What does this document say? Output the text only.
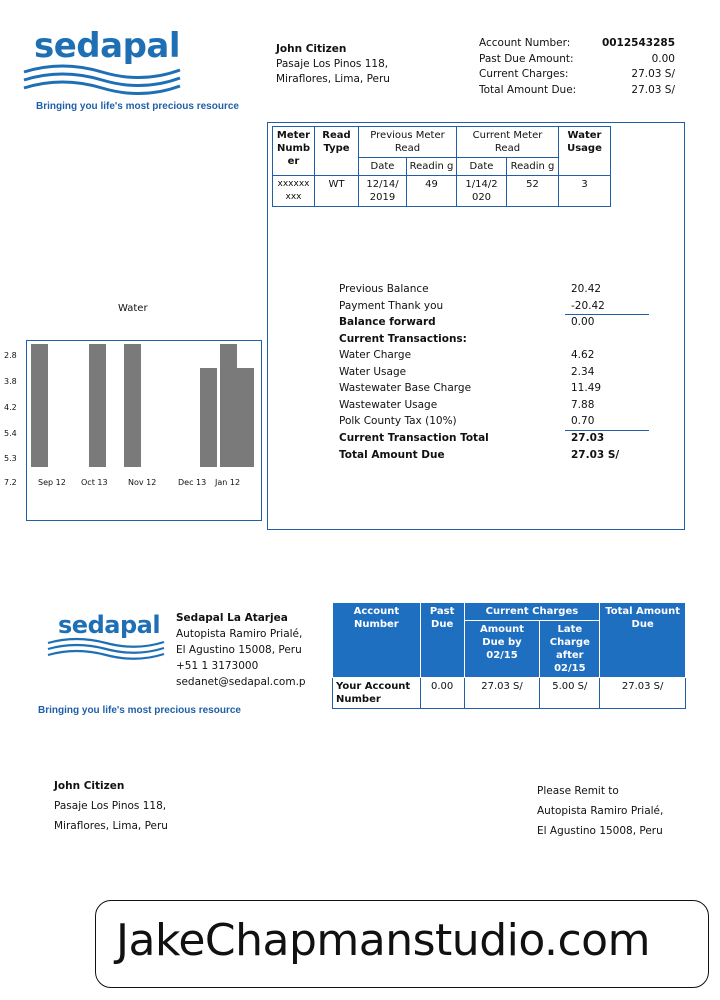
sedapal
Bringing you life's most precious resource
John Citizen
Pasaje Los Pinos 118,
Miraflores, Lima, Peru
Account Number:	0012543285
Past Due Amount:	0.00
Current Charges:	27.03 S/
Total Amount Due:	27.03 S/
Meter Numb er	Read Type	Previous Meter Read		Current Meter Read		Water Usage
		Date	Readin g	Date	Readin g	
xxxxxx xxx	WT	12/14/ 2019	49	1/14/2 020	52	3
Previous Balance	20.42
Payment Thank you	-20.42
Balance forward	0.00
Current Transactions:
Water Charge	4.62
Water Usage	2.34
Wastewater Base Charge	11.49
Wastewater Usage	7.88
Polk County Tax (10%)	0.70
Current Transaction Total	27.03
Total Amount Due	27.03 S/
Water
2.8
3.8
4.2
5.4
5.3
7.2	Sep 12 Oct 13	Nov 12	Dec 13 Jan 12
sedapal
Bringing you life's most precious resource
Sedapal La Atarjea
Autopista Ramiro Prialé,
El Agustino 15008, Peru
+51 1 3173000
sedanet@sedapal.com.p
Account Number	Past Due	Current Charges		Total Amount Due
		Amount Due by 02/15	Late Charge after 02/15	
Your Account Number	0.00	27.03 S/	5.00 S/	27.03 S/
John Citizen
Pasaje Los Pinos 118,
Miraflores, Lima, Peru
Please Remit to
Autopista Ramiro Prialé,
El Agustino 15008, Peru
JakeChapmanstudio.com
